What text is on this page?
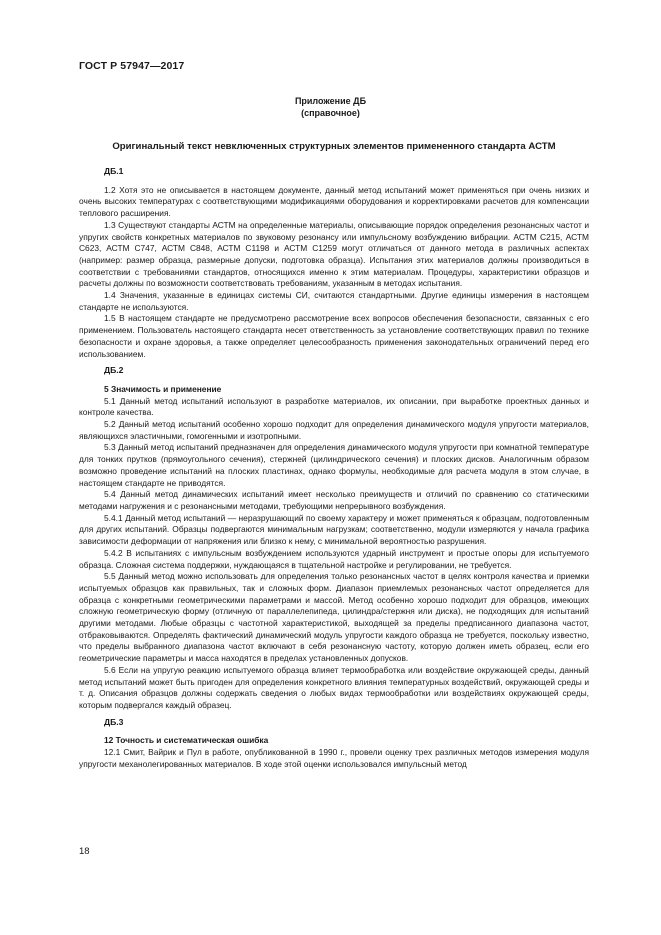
ГОСТ Р 57947—2017
Приложение ДБ
(справочное)
Оригинальный текст невключенных структурных элементов примененного стандарта АСТМ
ДБ.1

1.2 Хотя это не описывается в настоящем документе, данный метод испытаний может применяться при очень низких и очень высоких температурах с соответствующими модификациями оборудования и корректировками расчетов для компенсации теплового расширения.

1.3 Существуют стандарты АСТМ на определенные материалы, описывающие порядок определения резонансных частот и упругих свойств конкретных материалов по звуковому резонансу или импульсному возбуждению вибрации. АСТМ С215, АСТМ С623, АСТМ С747, АСТМ С848, АСТМ С1198 и АСТМ С1259 могут отличаться от данного метода в различных аспектах (например: размер образца, размерные допуски, подготовка образца). Испытания этих материалов должны производиться в соответствии с требованиями стандартов, относящихся именно к этим материалам. Процедуры, характеристики образцов и расчеты должны по возможности соответствовать требованиям, указанным в методах испытания.

1.4 Значения, указанные в единицах системы СИ, считаются стандартными. Другие единицы измерения в настоящем стандарте не используются.

1.5 В настоящем стандарте не предусмотрено рассмотрение всех вопросов обеспечения безопасности, связанных с его применением. Пользователь настоящего стандарта несет ответственность за установление соответствующих правил по технике безопасности и охране здоровья, а также определяет целесообразность применения законодательных ограничений перед его использованием.

ДБ.2

5 Значимость и применение

5.1 Данный метод испытаний используют в разработке материалов, их описании, при выработке проектных данных и контроле качества.

5.2 Данный метод испытаний особенно хорошо подходит для определения динамического модуля упругости материалов, являющихся эластичными, гомогенными и изотропными.

5.3 Данный метод испытаний предназначен для определения динамического модуля упругости при комнатной температуре для тонких прутков (прямоугольного сечения), стержней (цилиндрического сечения) и плоских дисков. Аналогичным образом возможно проведение испытаний на плоских пластинах, однако формулы, необходимые для расчета модуля в этом случае, в настоящем стандарте не приводятся.

5.4 Данный метод динамических испытаний имеет несколько преимуществ и отличий по сравнению со статическими методами нагружения и с резонансными методами, требующими непрерывного возбуждения.

5.4.1 Данный метод испытаний — неразрушающий по своему характеру и может применяться к образцам, подготовленным для других испытаний. Образцы подвергаются минимальным нагрузкам; соответственно, модули измеряются у начала графика зависимости деформации от напряжения или близко к нему, с минимальной вероятностью разрушения.

5.4.2 В испытаниях с импульсным возбуждением используются ударный инструмент и простые опоры для испытуемого образца. Сложная система поддержки, нуждающаяся в тщательной настройке и регулировании, не требуется.

5.5 Данный метод можно использовать для определения только резонансных частот в целях контроля качества и приемки испытуемых образцов как правильных, так и сложных форм. Диапазон приемлемых резонансных частот определяется для образца с конкретными геометрическими параметрами и массой. Метод особенно хорошо подходит для образцов, имеющих сложную геометрическую форму (отличную от параллелепипеда, цилиндра/стержня или диска), не подходящих для испытаний другими методами. Любые образцы с частотной характеристикой, выходящей за пределы предписанного диапазона частот, отбраковываются. Определять фактический динамический модуль упругости каждого образца не требуется, поскольку известно, что пределы выбранного диапазона частот включают в себя резонансную частоту, которую должен иметь образец, если его геометрические параметры и масса находятся в пределах установленных допусков.

5.6 Если на упругую реакцию испытуемого образца влияет термообработка или воздействие окружающей среды, данный метод испытаний может быть пригоден для определения конкретного влияния температурных воздействий, окружающей среды и т. д. Описания образцов должны содержать сведения о любых видах термообработки или воздействиях окружающей среды, которым подвергался каждый образец.

ДБ.3

12 Точность и систематическая ошибка

12.1 Смит, Вайрик и Пул в работе, опубликованной в 1990 г., провели оценку трех различных методов измерения модуля упругости механолегированных материалов. В ходе этой оценки использовался импульсный метод

18
